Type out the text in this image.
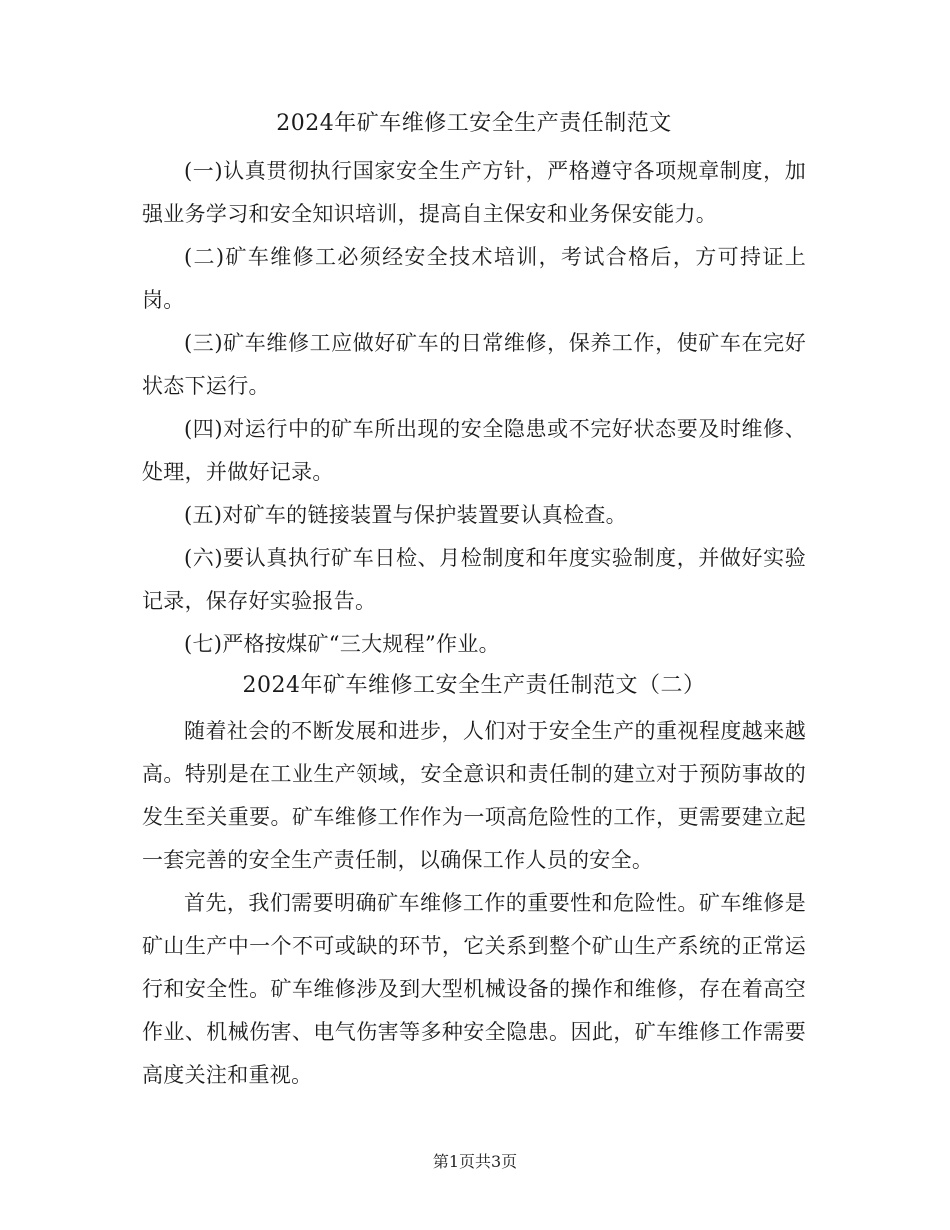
2024年矿车维修工安全生产责任制范文

(一)认真贯彻执行国家安全生产方针，严格遵守各项规章制度，加强业务学习和安全知识培训，提高自主保安和业务保安能力。

(二)矿车维修工必须经安全技术培训，考试合格后，方可持证上岗。

(三)矿车维修工应做好矿车的日常维修，保养工作，使矿车在完好状态下运行。

(四)对运行中的矿车所出现的安全隐患或不完好状态要及时维修、处理，并做好记录。

(五)对矿车的链接装置与保护装置要认真检查。

(六)要认真执行矿车日检、月检制度和年度实验制度，并做好实验记录，保存好实验报告。

(七)严格按煤矿“三大规程”作业。

2024年矿车维修工安全生产责任制范文（二）

随着社会的不断发展和进步，人们对于安全生产的重视程度越来越高。特别是在工业生产领域，安全意识和责任制的建立对于预防事故的发生至关重要。矿车维修工作作为一项高危险性的工作，更需要建立起一套完善的安全生产责任制，以确保工作人员的安全。

首先，我们需要明确矿车维修工作的重要性和危险性。矿车维修是矿山生产中一个不可或缺的环节，它关系到整个矿山生产系统的正常运行和安全性。矿车维修涉及到大型机械设备的操作和维修，存在着高空作业、机械伤害、电气伤害等多种安全隐患。因此，矿车维修工作需要高度关注和重视。

第1页共3页
